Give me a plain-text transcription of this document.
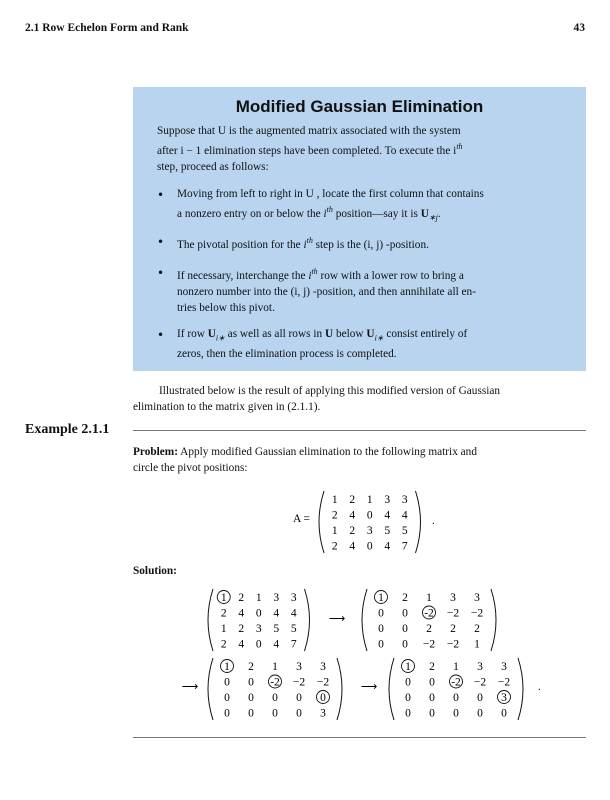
2.1 Row Echelon Form and Rank	43
Modified Gaussian Elimination
Suppose that U is the augmented matrix associated with the system
after i − 1 elimination steps have been completed. To execute the $i^{th}$
step, proceed as follows:
• Moving from left to right in U , locate the first column that contains
a nonzero entry on or below the $i^{th}$ position—say it is $U_{∗j}$.
• The pivotal position for the $i^{th}$ step is the (i, j) -position.
• If necessary, interchange the $i^{th}$ row with a lower row to bring a
nonzero number into the (i, j) -position, and then annihilate all en-
tries below this pivot.
• If row $U_{i∗}$ as well as all rows in U below $U_{i∗}$ consist entirely of
zeros, then the elimination process is completed.
Illustrated below is the result of applying this modified version of Gaussian
elimination to the matrix given in (2.1.1).
Example 2.1.1
Problem: Apply modified Gaussian elimination to the following matrix and
circle the pivot positions:
Solution:
A =
1 2 1 3 3
2 4 0 4 4
1 2 3 5 5
2 4 0 4 7
.
1 2 1 3 3
2 4 0 4 4
1 2 3 5 5
2 4 0 4 7
⟶
1 2 1 3 3
0 0 -2 −2 −2
0 0 2 2 2
0 0 −2 −2 1
⟶
1 2 1 3 3
0 0 -2 −2 −2
0 0 0 0 0
0 0 0 0 3
⟶
1 2 1 3 3
0 0 -2 −2 −2
0 0 0 0 3
0 0 0 0 0
.
